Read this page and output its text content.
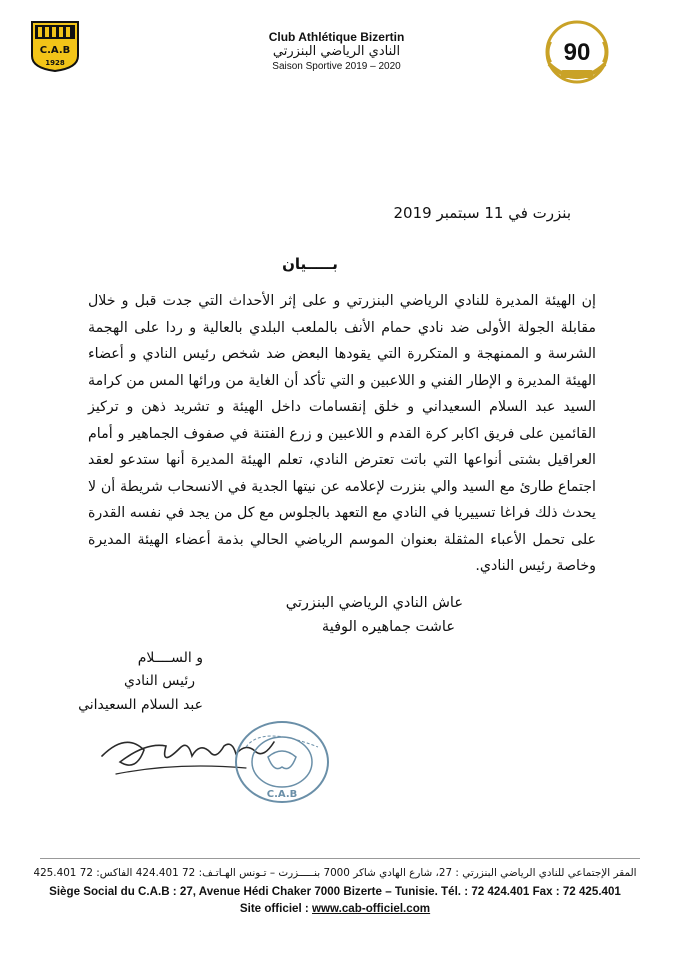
C.A.B
1928
Club Athlétique Bizertin
النادي الرياضي البنزرتي
Saison Sportive 2019 – 2020
90
بنزرت في 11 سبتمبر 2019
بـــــيان
إن الهيئة المديرة للنادي الرياضي البنزرتي و على إثر الأحداث التي جدت قبل و خلال مقابلة الجولة الأولى ضد نادي حمام الأنف بالملعب البلدي بالعالية و ردا على الهجمة الشرسة و الممنهجة و المتكررة التي يقودها البعض ضد شخص رئيس النادي و أعضاء الهيئة المديرة و الإطار الفني و اللاعبين و التي تأكد أن الغاية من ورائها المس من كرامة السيد عبد السلام السعيداني و خلق إنقسامات داخل الهيئة و تشريد ذهن و تركيز القائمين على فريق اكابر كرة القدم و اللاعبين و زرع الفتنة في صفوف الجماهير و أمام العراقيل بشتى أنواعها التي باتت تعترض النادي، تعلم الهيئة المديرة أنها ستدعو لعقد اجتماع طارئ مع السيد والي بنزرت لإعلامه عن نيتها الجدية في الانسحاب شريطة أن لا يحدث ذلك فراغا تسييريا في النادي مع التعهد بالجلوس مع كل من يجد في نفسه القدرة على تحمل الأعباء المثقلة بعنوان الموسم الرياضي الحالي بذمة أعضاء الهيئة المديرة وخاصة رئيس النادي.
عاش النادي الرياضي البنزرتي
عاشت جماهيره الوفية
و الســــلام
رئيس النادي
عبد السلام السعيداني
C.A.B
المقر الإجتماعي للنادي الرياضي البنزرتي : 27، شارع الهادي شاكر 7000 بنـــــزرت – تـونس الهـاتـف: 72 424.401 الفاكس: 72 425.401
Siège Social du C.A.B : 27, Avenue Hédi Chaker 7000 Bizerte – Tunisie. Tél. : 72 424.401 Fax : 72 425.401
Site officiel : www.cab-officiel.com
